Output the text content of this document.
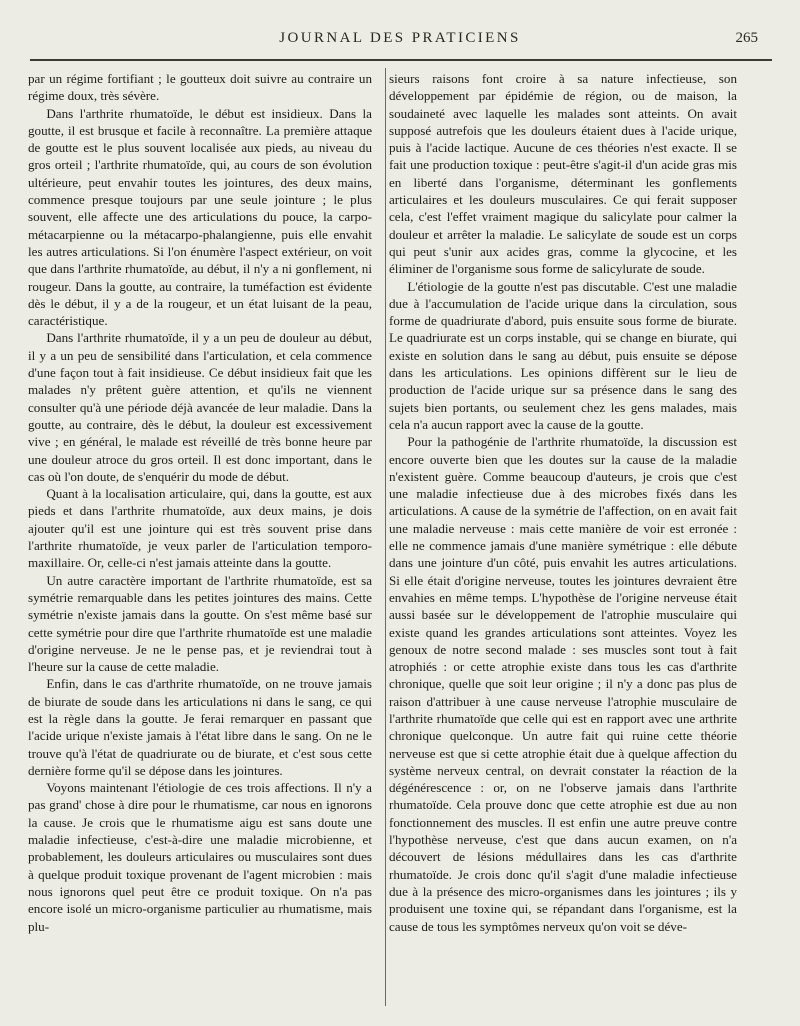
JOURNAL DES PRATICIENS	265

par un régime fortifiant ; le goutteux doit suivre au contraire un régime doux, très sévère.

Dans l'arthrite rhumatoïde, le début est insidieux. Dans la goutte, il est brusque et facile à reconnaître. La première attaque de goutte est le plus souvent localisée aux pieds, au niveau du gros orteil ; l'arthrite rhumatoïde, qui, au cours de son évolution ultérieure, peut envahir toutes les jointures, des deux mains, commence presque toujours par une seule jointure ; le plus souvent, elle affecte une des articulations du pouce, la carpo-métacarpienne ou la métacarpo-phalangienne, puis elle envahit les autres articulations. Si l'on énumère l'aspect extérieur, on voit que dans l'arthrite rhumatoïde, au début, il n'y a ni gonflement, ni rougeur. Dans la goutte, au contraire, la tuméfaction est évidente dès le début, il y a de la rougeur, et un état luisant de la peau, caractéristique.

Dans l'arthrite rhumatoïde, il y a un peu de douleur au début, il y a un peu de sensibilité dans l'articulation, et cela commence d'une façon tout à fait insidieuse. Ce début insidieux fait que les malades n'y prêtent guère attention, et qu'ils ne viennent consulter qu'à une période déjà avancée de leur maladie. Dans la goutte, au contraire, dès le début, la douleur est excessivement vive ; en général, le malade est réveillé de très bonne heure par une douleur atroce du gros orteil. Il est donc important, dans le cas où l'on doute, de s'enquérir du mode de début.

Quant à la localisation articulaire, qui, dans la goutte, est aux pieds et dans l'arthrite rhumatoïde, aux deux mains, je dois ajouter qu'il est une jointure qui est très souvent prise dans l'arthrite rhumatoïde, je veux parler de l'articulation temporo-maxillaire. Or, celle-ci n'est jamais atteinte dans la goutte.

Un autre caractère important de l'arthrite rhumatoïde, est sa symétrie remarquable dans les petites jointures des mains. Cette symétrie n'existe jamais dans la goutte. On s'est même basé sur cette symétrie pour dire que l'arthrite rhumatoïde est une maladie d'origine nerveuse. Je ne le pense pas, et je reviendrai tout à l'heure sur la cause de cette maladie.

Enfin, dans le cas d'arthrite rhumatoïde, on ne trouve jamais de biurate de soude dans les articulations ni dans le sang, ce qui est la règle dans la goutte. Je ferai remarquer en passant que l'acide urique n'existe jamais à l'état libre dans le sang. On ne le trouve qu'à l'état de quadriurate ou de biurate, et c'est sous cette dernière forme qu'il se dépose dans les jointures.

Voyons maintenant l'étiologie de ces trois affections. Il n'y a pas grand' chose à dire pour le rhumatisme, car nous en ignorons la cause. Je crois que le rhumatisme aigu est sans doute une maladie infectieuse, c'est-à-dire une maladie microbienne, et probablement, les douleurs articulaires ou musculaires sont dues à quelque produit toxique provenant de l'agent microbien : mais nous ignorons quel peut être ce produit toxique. On n'a pas encore isolé un micro-organisme particulier au rhumatisme, mais plu-

sieurs raisons font croire à sa nature infectieuse, son développement par épidémie de région, ou de maison, la soudaineté avec laquelle les malades sont atteints. On avait supposé autrefois que les douleurs étaient dues à l'acide urique, puis à l'acide lactique. Aucune de ces théories n'est exacte. Il se fait une production toxique : peut-être s'agit-il d'un acide gras mis en liberté dans l'organisme, déterminant les gonflements articulaires et les douleurs musculaires. Ce qui ferait supposer cela, c'est l'effet vraiment magique du salicylate pour calmer la douleur et arrêter la maladie. Le salicylate de soude est un corps qui peut s'unir aux acides gras, comme la glycocine, et les éliminer de l'organisme sous forme de salicylurate de soude.

L'étiologie de la goutte n'est pas discutable. C'est une maladie due à l'accumulation de l'acide urique dans la circulation, sous forme de quadriurate d'abord, puis ensuite sous forme de biurate. Le quadriurate est un corps instable, qui se change en biurate, qui existe en solution dans le sang au début, puis ensuite se dépose dans les articulations. Les opinions diffèrent sur le lieu de production de l'acide urique sur sa présence dans le sang des sujets bien portants, ou seulement chez les gens malades, mais cela n'a aucun rapport avec la cause de la goutte.

Pour la pathogénie de l'arthrite rhumatoïde, la discussion est encore ouverte bien que les doutes sur la cause de la maladie n'existent guère. Comme beaucoup d'auteurs, je crois que c'est une maladie infectieuse due à des microbes fixés dans les articulations. A cause de la symétrie de l'affection, on en avait fait une maladie nerveuse : mais cette manière de voir est erronée : elle ne commence jamais d'une manière symétrique : elle débute dans une jointure d'un côté, puis envahit les autres articulations. Si elle était d'origine nerveuse, toutes les jointures devraient être envahies en même temps. L'hypothèse de l'origine nerveuse était aussi basée sur le développement de l'atrophie musculaire qui existe quand les grandes articulations sont atteintes. Voyez les genoux de notre second malade : ses muscles sont tout à fait atrophiés : or cette atrophie existe dans tous les cas d'arthrite chronique, quelle que soit leur origine ; il n'y a donc pas plus de raison d'attribuer à une cause nerveuse l'atrophie musculaire de l'arthrite rhumatoïde que celle qui est en rapport avec une arthrite chronique quelconque. Un autre fait qui ruine cette théorie nerveuse est que si cette atrophie était due à quelque affection du système nerveux central, on devrait constater la réaction de la dégénérescence : or, on ne l'observe jamais dans l'arthrite rhumatoïde. Cela prouve donc que cette atrophie est due au non fonctionnement des muscles. Il est enfin une autre preuve contre l'hypothèse nerveuse, c'est que dans aucun examen, on n'a découvert de lésions médullaires dans les cas d'arthrite rhumatoïde. Je crois donc qu'il s'agit d'une maladie infectieuse due à la présence des micro-organismes dans les jointures ; ils y produisent une toxine qui, se répandant dans l'organisme, est la cause de tous les symptômes nerveux qu'on voit se déve-
